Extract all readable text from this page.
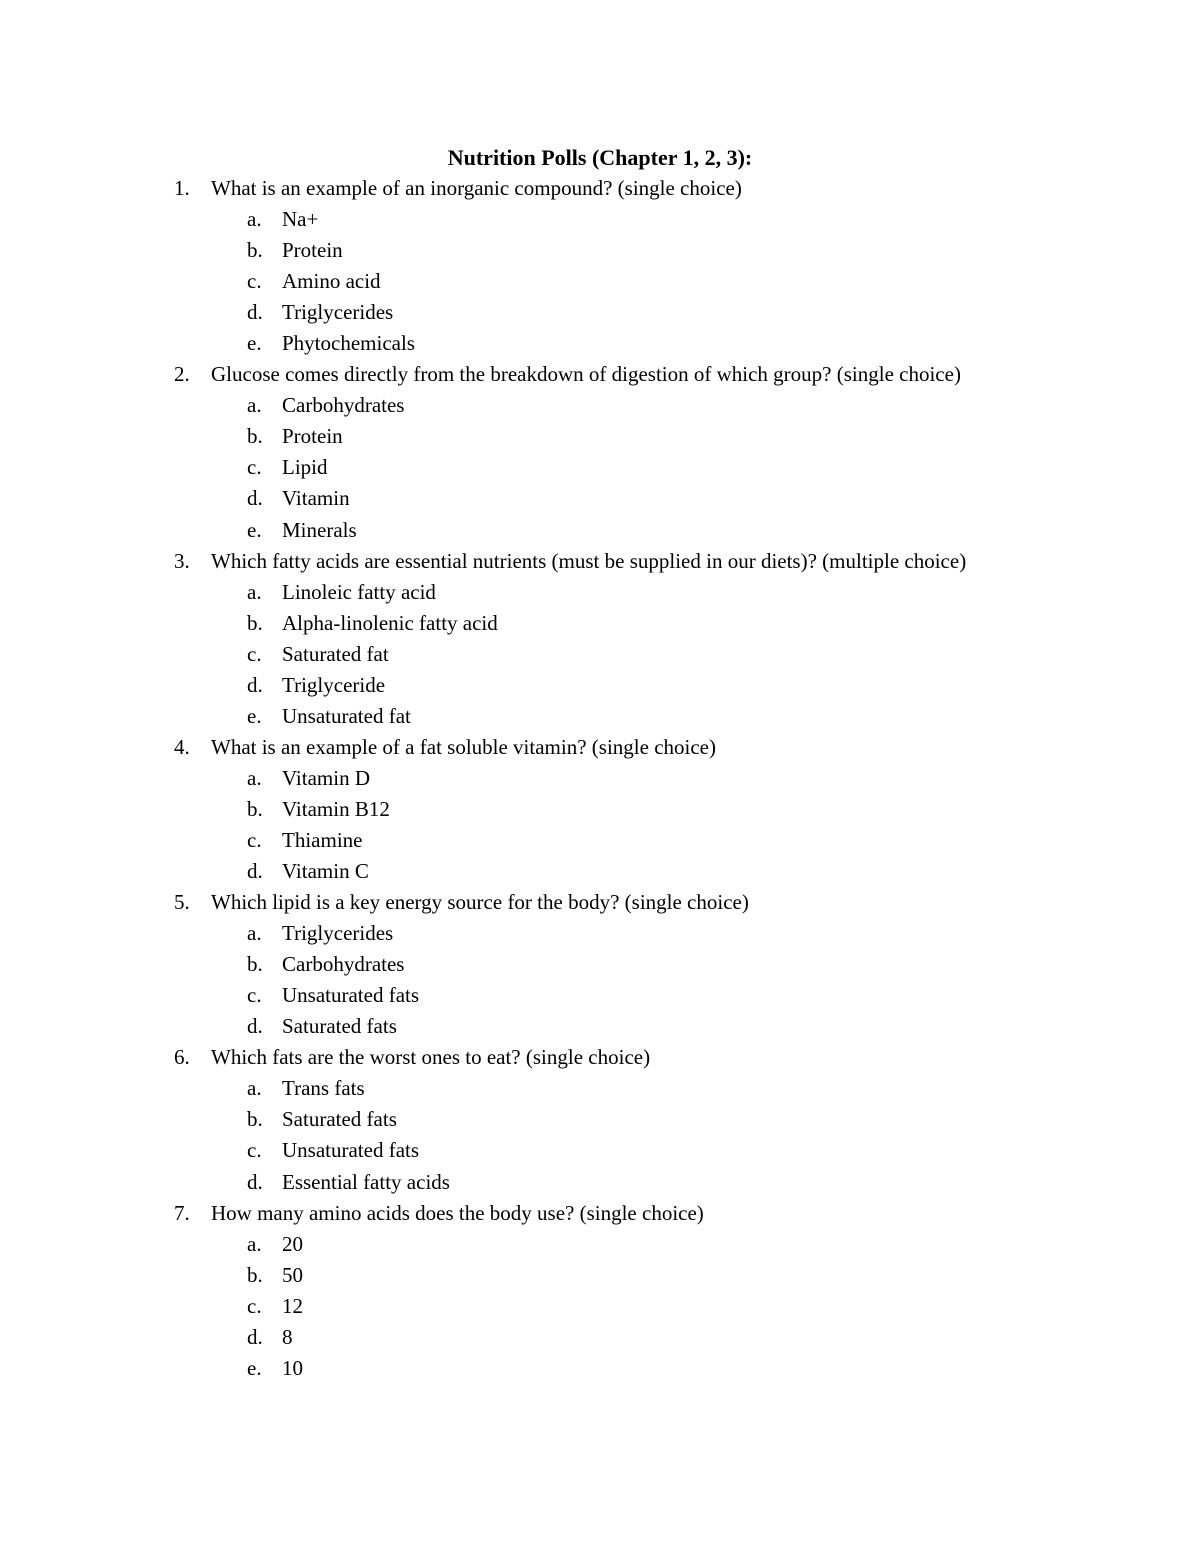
Nutrition Polls (Chapter 1, 2, 3):
1. What is an example of an inorganic compound? (single choice)
a. Na+
b. Protein
c. Amino acid
d. Triglycerides
e. Phytochemicals
2. Glucose comes directly from the breakdown of digestion of which group? (single choice)
a. Carbohydrates
b. Protein
c. Lipid
d. Vitamin
e. Minerals
3. Which fatty acids are essential nutrients (must be supplied in our diets)? (multiple choice)
a. Linoleic fatty acid
b. Alpha-linolenic fatty acid
c. Saturated fat
d. Triglyceride
e. Unsaturated fat
4. What is an example of a fat soluble vitamin? (single choice)
a. Vitamin D
b. Vitamin B12
c. Thiamine
d. Vitamin C
5. Which lipid is a key energy source for the body? (single choice)
a. Triglycerides
b. Carbohydrates
c. Unsaturated fats
d. Saturated fats
6. Which fats are the worst ones to eat? (single choice)
a. Trans fats
b. Saturated fats
c. Unsaturated fats
d. Essential fatty acids
7. How many amino acids does the body use? (single choice)
a. 20
b. 50
c. 12
d. 8
e. 10
